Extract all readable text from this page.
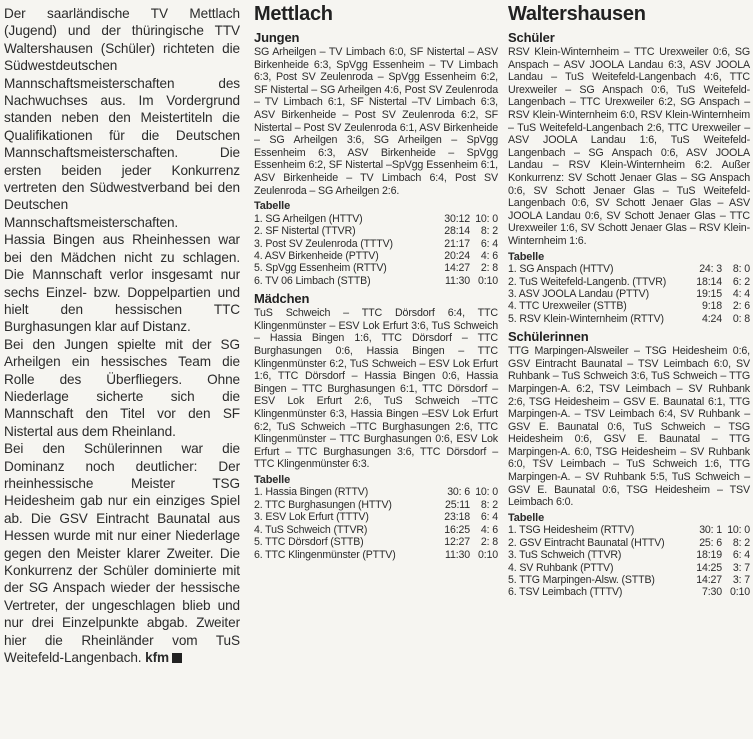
Der saarländische TV Mettlach (Jugend) und der thüringische TTV Waltershausen (Schüler) richteten die Südwestdeutschen Mannschaftsmeisterschaften des Nachwuchses aus. Im Vordergrund standen neben den Meistertiteln die Qualifikationen für die Deutschen Mannschaftsmeisterschaften. Die ersten beiden jeder Konkurrenz vertreten den Südwestverband bei den Deutschen Mannschaftsmeisterschaften.

Hassia Bingen aus Rheinhessen war bei den Mädchen nicht zu schlagen. Die Mannschaft verlor insgesamt nur sechs Einzel- bzw. Doppelpartien und hielt den hessischen TTC Burghasungen klar auf Distanz.

Bei den Jungen spielte mit der SG Arheilgen ein hessisches Team die Rolle des Überfliegers. Ohne Niederlage sicherte sich die Mannschaft den Titel vor den SF Nistertal aus dem Rheinland.

Bei den Schülerinnen war die Dominanz noch deutlicher: Der rheinhessische Meister TSG Heidesheim gab nur ein einziges Spiel ab. Die GSV Eintracht Baunatal aus Hessen wurde mit nur einer Niederlage gegen den Meister klarer Zweiter. Die Konkurrenz der Schüler dominierte mit der SG Anspach wieder der hessische Vertreter, der ungeschlagen blieb und nur drei Einzelpunkte abgab. Zweiter hier die Rheinländer vom TuS Weitefeld-Langenbach. kfm

Mettlach
Jungen

SG Arheilgen – TV Limbach 6:0, SF Nistertal – ASV Birkenheide 6:3, SpVgg Essenheim – TV Limbach 6:3, Post SV Zeulenroda – SpVgg Essenheim 6:2, SF Nistertal – SG Arheilgen 4:6, Post SV Zeulenroda – TV Limbach 6:1, SF Nistertal –TV Limbach 6:3, ASV Birkenheide – Post SV Zeulenroda 6:2, SF Nistertal – Post SV Zeulenroda 6:1, ASV Birkenheide – SG Arheilgen 3:6, SG Arheilgen – SpVgg Essenheim 6:3, ASV Birkenheide – SpVgg Essenheim 6:2, SF Nistertal –SpVgg Essenheim 6:1, ASV Birkenheide – TV Limbach 6:4, Post SV Zeulenroda – SG Arheilgen 2:6.

Tabelle
1. SG Arheilgen (HTTV)	30:12	10: 0
2. SF Nistertal (TTVR)	28:14	8: 2
3. Post SV Zeulenroda (TTTV)	21:17	6: 4
4. ASV Birkenheide (PTTV)	20:24	4: 6
5. SpVgg Essenheim (RTTV)	14:27	2: 8
6. TV 06 Limbach (STTB)	11:30	0:10
Mädchen

TuS Schweich – TTC Dörsdorf 6:4, TTC Klingenmünster – ESV Lok Erfurt 3:6, TuS Schweich – Hassia Bingen 1:6, TTC Dörsdorf – TTC Burghasungen 0:6, Hassia Bingen – TTC Klingenmünster 6:2, TuS Schweich – ESV Lok Erfurt 1:6, TTC Dörsdorf – Hassia Bingen 0:6, Hassia Bingen – TTC Burghasungen 6:1, TTC Dörsdorf – ESV Lok Erfurt 2:6, TuS Schweich –TTC Klingenmünster 6:3, Hassia Bingen –ESV Lok Erfurt 6:2, TuS Schweich –TTC Burghasungen 2:6, TTC Klingenmünster – TTC Burghasungen 0:6, ESV Lok Erfurt – TTC Burghasungen 3:6, TTC Dörsdorf – TTC Klingenmünster 6:3.

Tabelle
1. Hassia Bingen (RTTV)	30: 6	10: 0
2. TTC Burghasungen (HTTV)	25:11	8: 2
3. ESV Lok Erfurt (TTTV)	23:18	6: 4
4. TuS Schweich (TTVR)	16:25	4: 6
5. TTC Dörsdorf (STTB)	12:27	2: 8
6. TTC Klingenmünster (PTTV)	11:30	0:10
Waltershausen
Schüler

RSV Klein-Winternheim – TTC Urexweiler 0:6, SG Anspach – ASV JOOLA Landau 6:3, ASV JOOLA Landau – TuS Weitefeld-Langenbach 4:6, TTC Urexweiler – SG Anspach 0:6, TuS Weitefeld-Langenbach – TTC Urexweiler 6:2, SG Anspach – RSV Klein-Winternheim 6:0, RSV Klein-Winternheim – TuS Weitefeld-Langenbach 2:6, TTC Urexweiler – ASV JOOLA Landau 1:6, TuS Weitefeld-Langenbach – SG Anspach 0:6, ASV JOOLA Landau – RSV Klein-Winternheim 6:2. Außer Konkurrenz: SV Schott Jenaer Glas – SG Anspach 0:6, SV Schott Jenaer Glas – TuS Weitefeld-Langenbach 0:6, SV Schott Jenaer Glas – ASV JOOLA Landau 0:6, SV Schott Jenaer Glas – TTC Urexweiler 1:6, SV Schott Jenaer Glas – RSV Klein-Winternheim 1:6.

Tabelle
1. SG Anspach (HTTV)	24: 3	8: 0
2. TuS Weitefeld-Langenb. (TTVR)	18:14	6: 2
3. ASV JOOLA Landau (PTTV)	19:15	4: 4
4. TTC Urexweiler (STTB)	9:18	2: 6
5. RSV Klein-Winternheim (RTTV)	4:24	0: 8
Schülerinnen

TTG Marpingen-Alsweiler – TSG Heidesheim 0:6, GSV Eintracht Baunatal – TSV Leimbach 6:0, SV Ruhbank – TuS Schweich 3:6, TuS Schweich – TTG Marpingen-A. 6:2, TSV Leimbach – SV Ruhbank 2:6, TSG Heidesheim – GSV E. Baunatal 6:1, TTG Marpingen-A. – TSV Leimbach 6:4, SV Ruhbank – GSV E. Baunatal 0:6, TuS Schweich – TSG Heidesheim 0:6, GSV E. Baunatal – TTG Marpingen-A. 6:0, TSG Heidesheim – SV Ruhbank 6:0, TSV Leimbach – TuS Schweich 1:6, TTG Marpingen-A. – SV Ruhbank 5:5, TuS Schweich – GSV E. Baunatal 0:6, TSG Heidesheim – TSV Leimbach 6:0.

Tabelle
1. TSG Heidesheim (RTTV)	30: 1	10: 0
2. GSV Eintracht Baunatal (HTTV)	25: 6	8: 2
3. TuS Schweich (TTVR)	18:19	6: 4
4. SV Ruhbank (PTTV)	14:25	3: 7
5. TTG Marpingen-Alsw. (STTB)	14:27	3: 7
6. TSV Leimbach (TTTV)	7:30	0:10
